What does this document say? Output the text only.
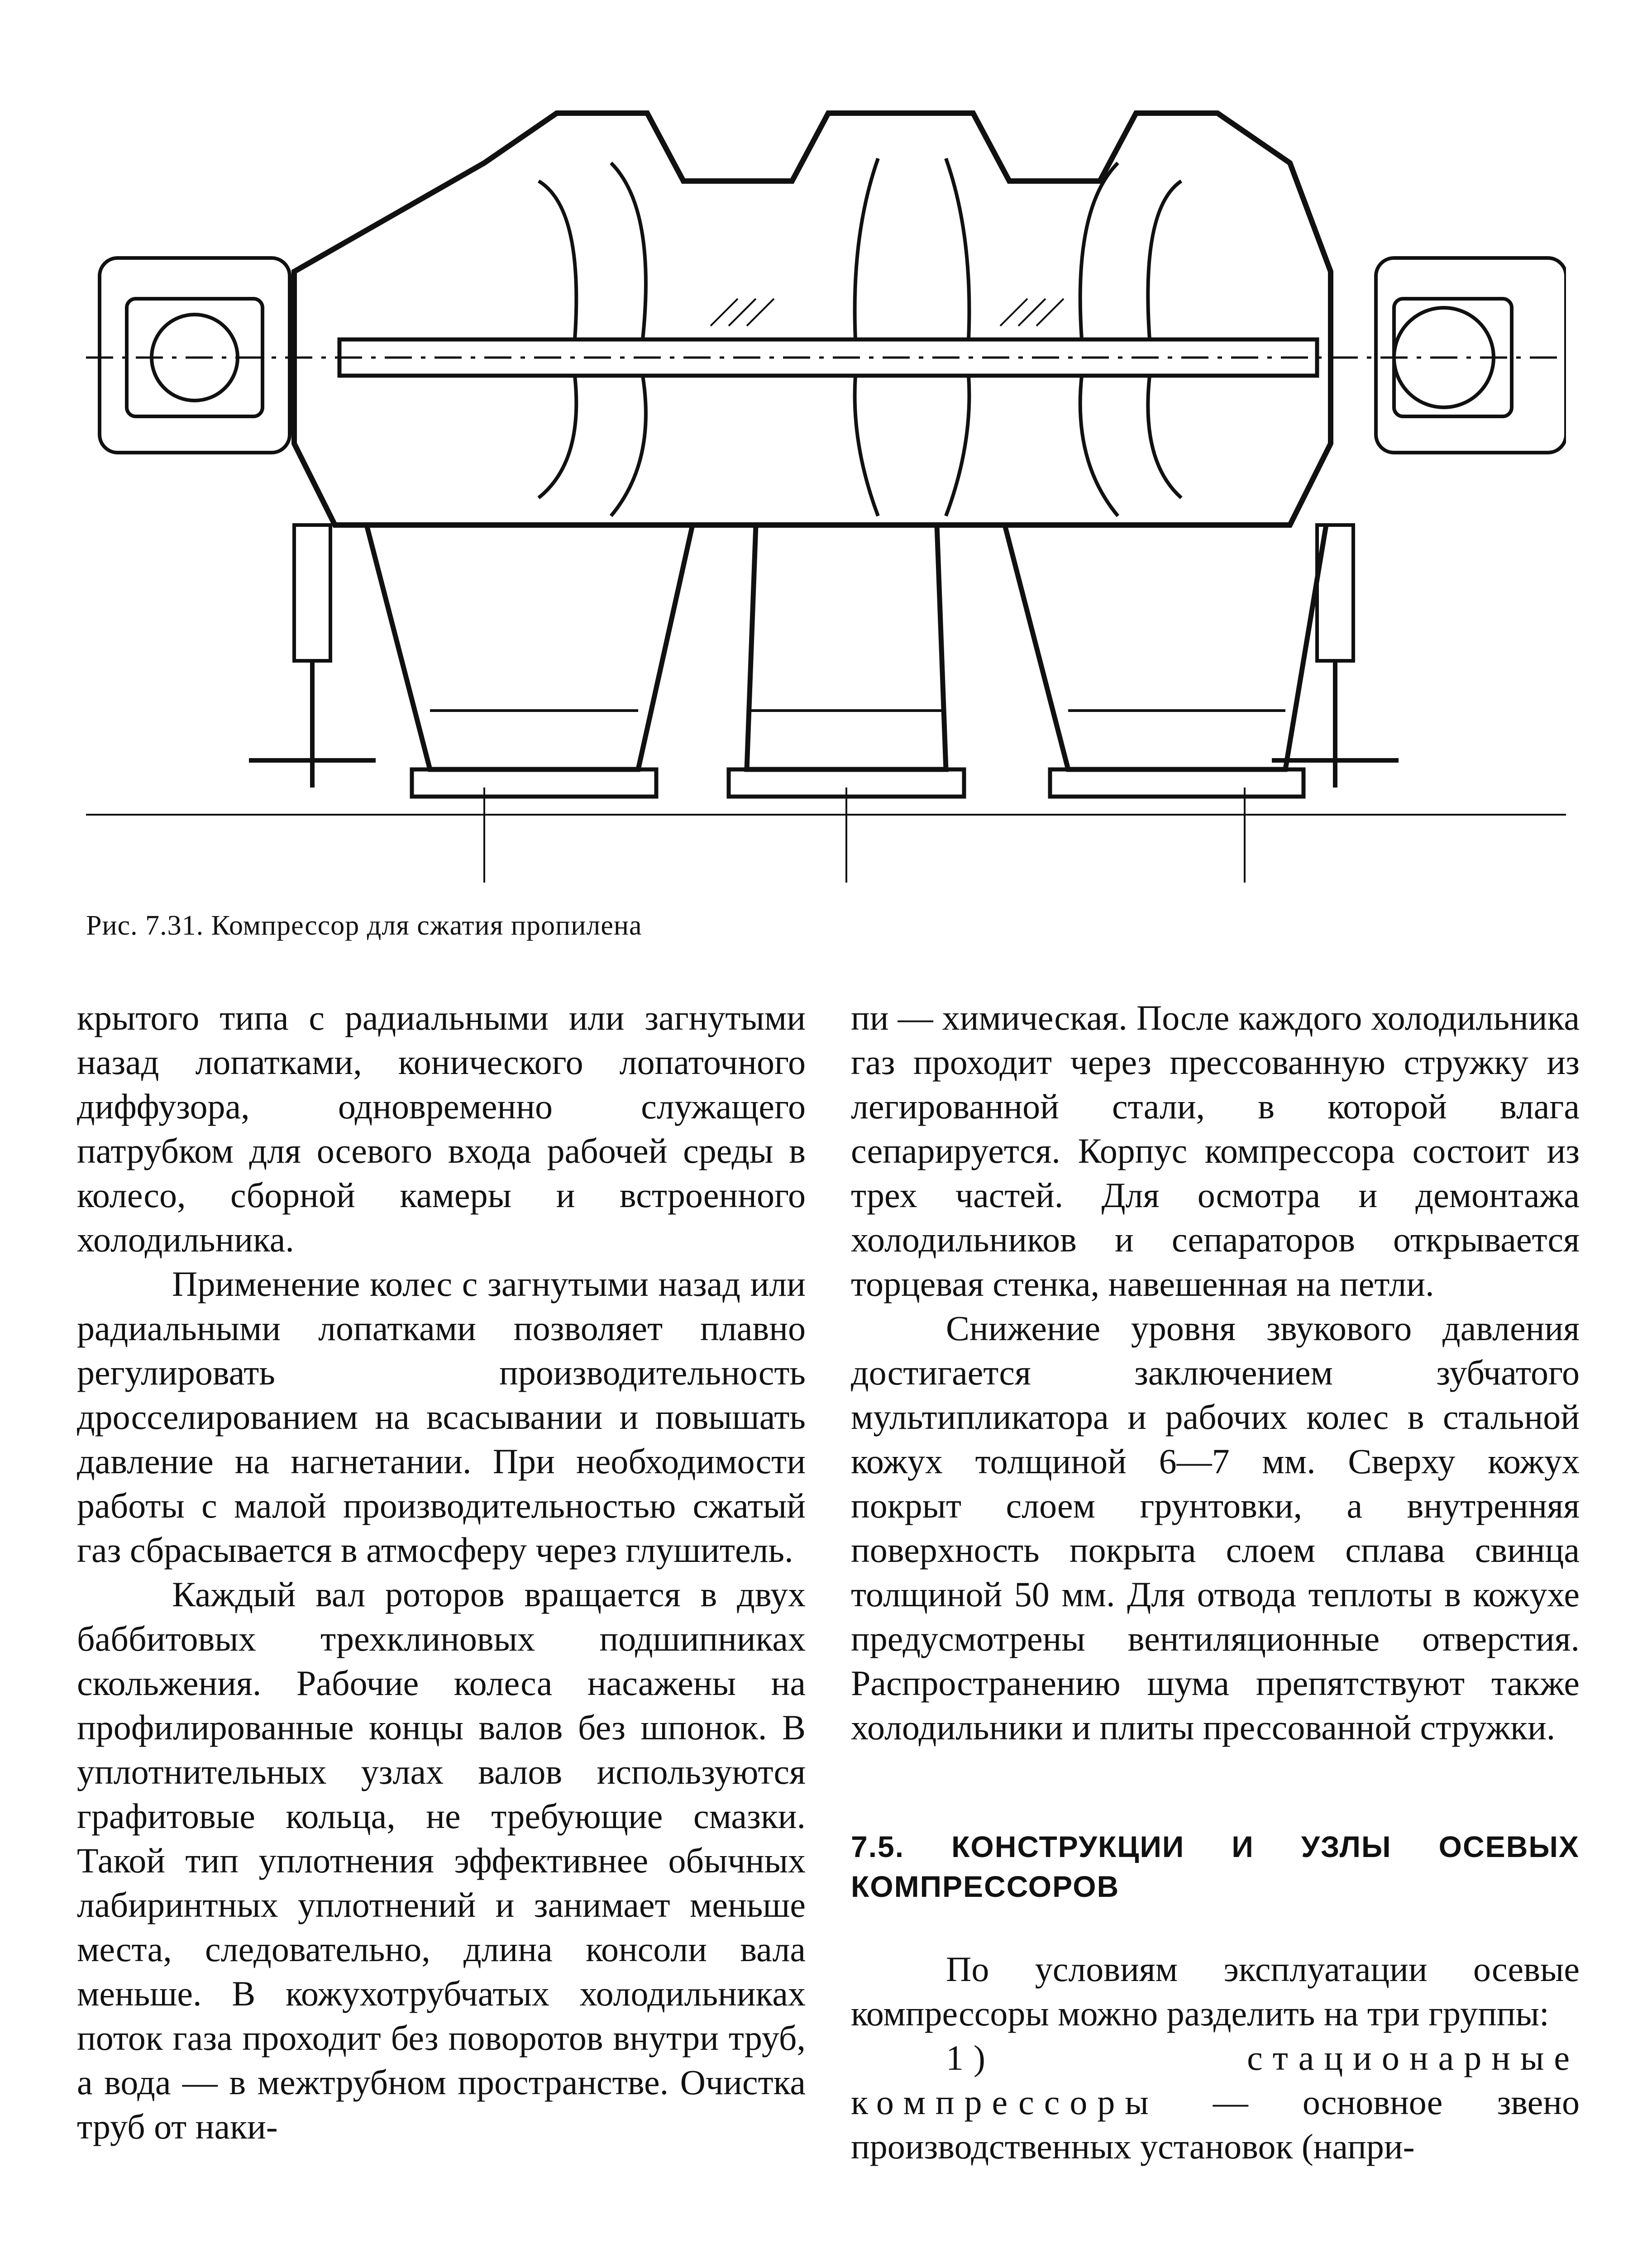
Рис. 7.31. Компрессор для сжатия пропилена

крытого типа с радиальными или загнутыми назад лопатками, конического лопаточного диффузора, одновременно служащего патрубком для осевого входа рабочей среды в колесо, сборной камеры и встроенного холодильника.

Применение колес с загнутыми назад или радиальными лопатками позволяет плавно регулировать производительность дросселированием на всасывании и повышать давление на нагнетании. При необходимости работы с малой производительностью сжатый газ сбрасывается в атмосферу через глушитель.

Каждый вал роторов вращается в двух баббитовых трехклиновых подшипниках скольжения. Рабочие колеса насажены на профилированные концы валов без шпонок. В уплотнительных узлах валов используются графитовые кольца, не требующие смазки. Такой тип уплотнения эффективнее обычных лабиринтных уплотнений и занимает меньше места, следовательно, длина консоли вала меньше. В кожухотрубчатых холодильниках поток газа проходит без поворотов внутри труб, а вода — в межтрубном пространстве. Очистка труб от наки-

пи — химическая. После каждого холодильника газ проходит через прессованную стружку из легированной стали, в которой влага сепарируется. Корпус компрессора состоит из трех частей. Для осмотра и демонтажа холодильников и сепараторов открывается торцевая стенка, навешенная на петли.

Снижение уровня звукового давления достигается заключением зубчатого мультипликатора и рабочих колес в стальной кожух толщиной 6—7 мм. Сверху кожух покрыт слоем грунтовки, а внутренняя поверхность покрыта слоем сплава свинца толщиной 50 мм. Для отвода теплоты в кожухе предусмотрены вентиляционные отверстия. Распространению шума препятствуют также холодильники и плиты прессованной стружки.

7.5. КОНСТРУКЦИИ И УЗЛЫ ОСЕВЫХ КОМПРЕССОРОВ

По условиям эксплуатации осевые компрессоры можно разделить на три группы:

1) стационарные компрессоры — основное звено производственных установок (напри-
